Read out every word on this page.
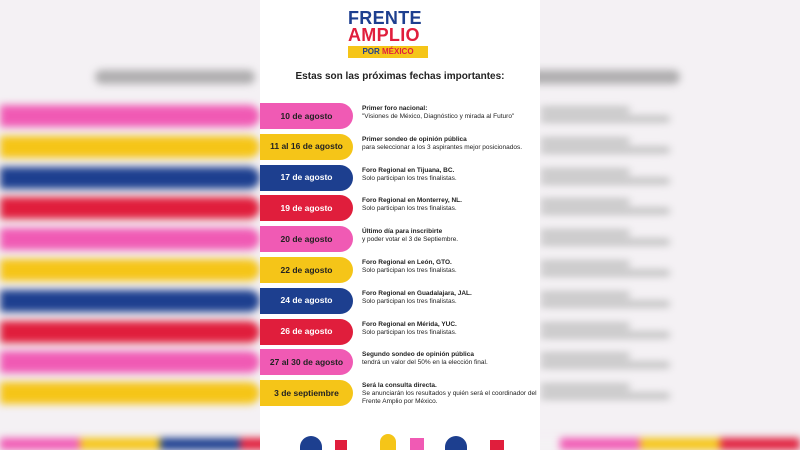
FRENTE
AMPLIO
POR MÉXICO
Estas son las próximas fechas importantes:
10 de agosto
Primer foro nacional:
"Visiones de México, Diagnóstico y mirada al Futuro"
11 al 16 de agosto
Primer sondeo de opinión pública
para seleccionar a los 3 aspirantes mejor posicionados.
17 de agosto
Foro Regional en Tijuana, BC.
Solo participan los tres finalistas.
19 de agosto
Foro Regional en Monterrey, NL.
Solo participan los tres finalistas.
20 de agosto
Último día para inscribirte
y poder votar el 3 de Septiembre.
22 de agosto
Foro Regional en León, GTO.
Solo participan los tres finalistas.
24 de agosto
Foro Regional en Guadalajara, JAL.
Solo participan los tres finalistas.
26 de agosto
Foro Regional en Mérida, YUC.
Solo participan los tres finalistas.
27 al 30 de agosto
Segundo sondeo de opinión pública
tendrá un valor del 50% en la elección final.
3 de septiembre
Será la consulta directa.
Se anunciarán los resultados y quién será el coordinador del Frente Amplio por México.
